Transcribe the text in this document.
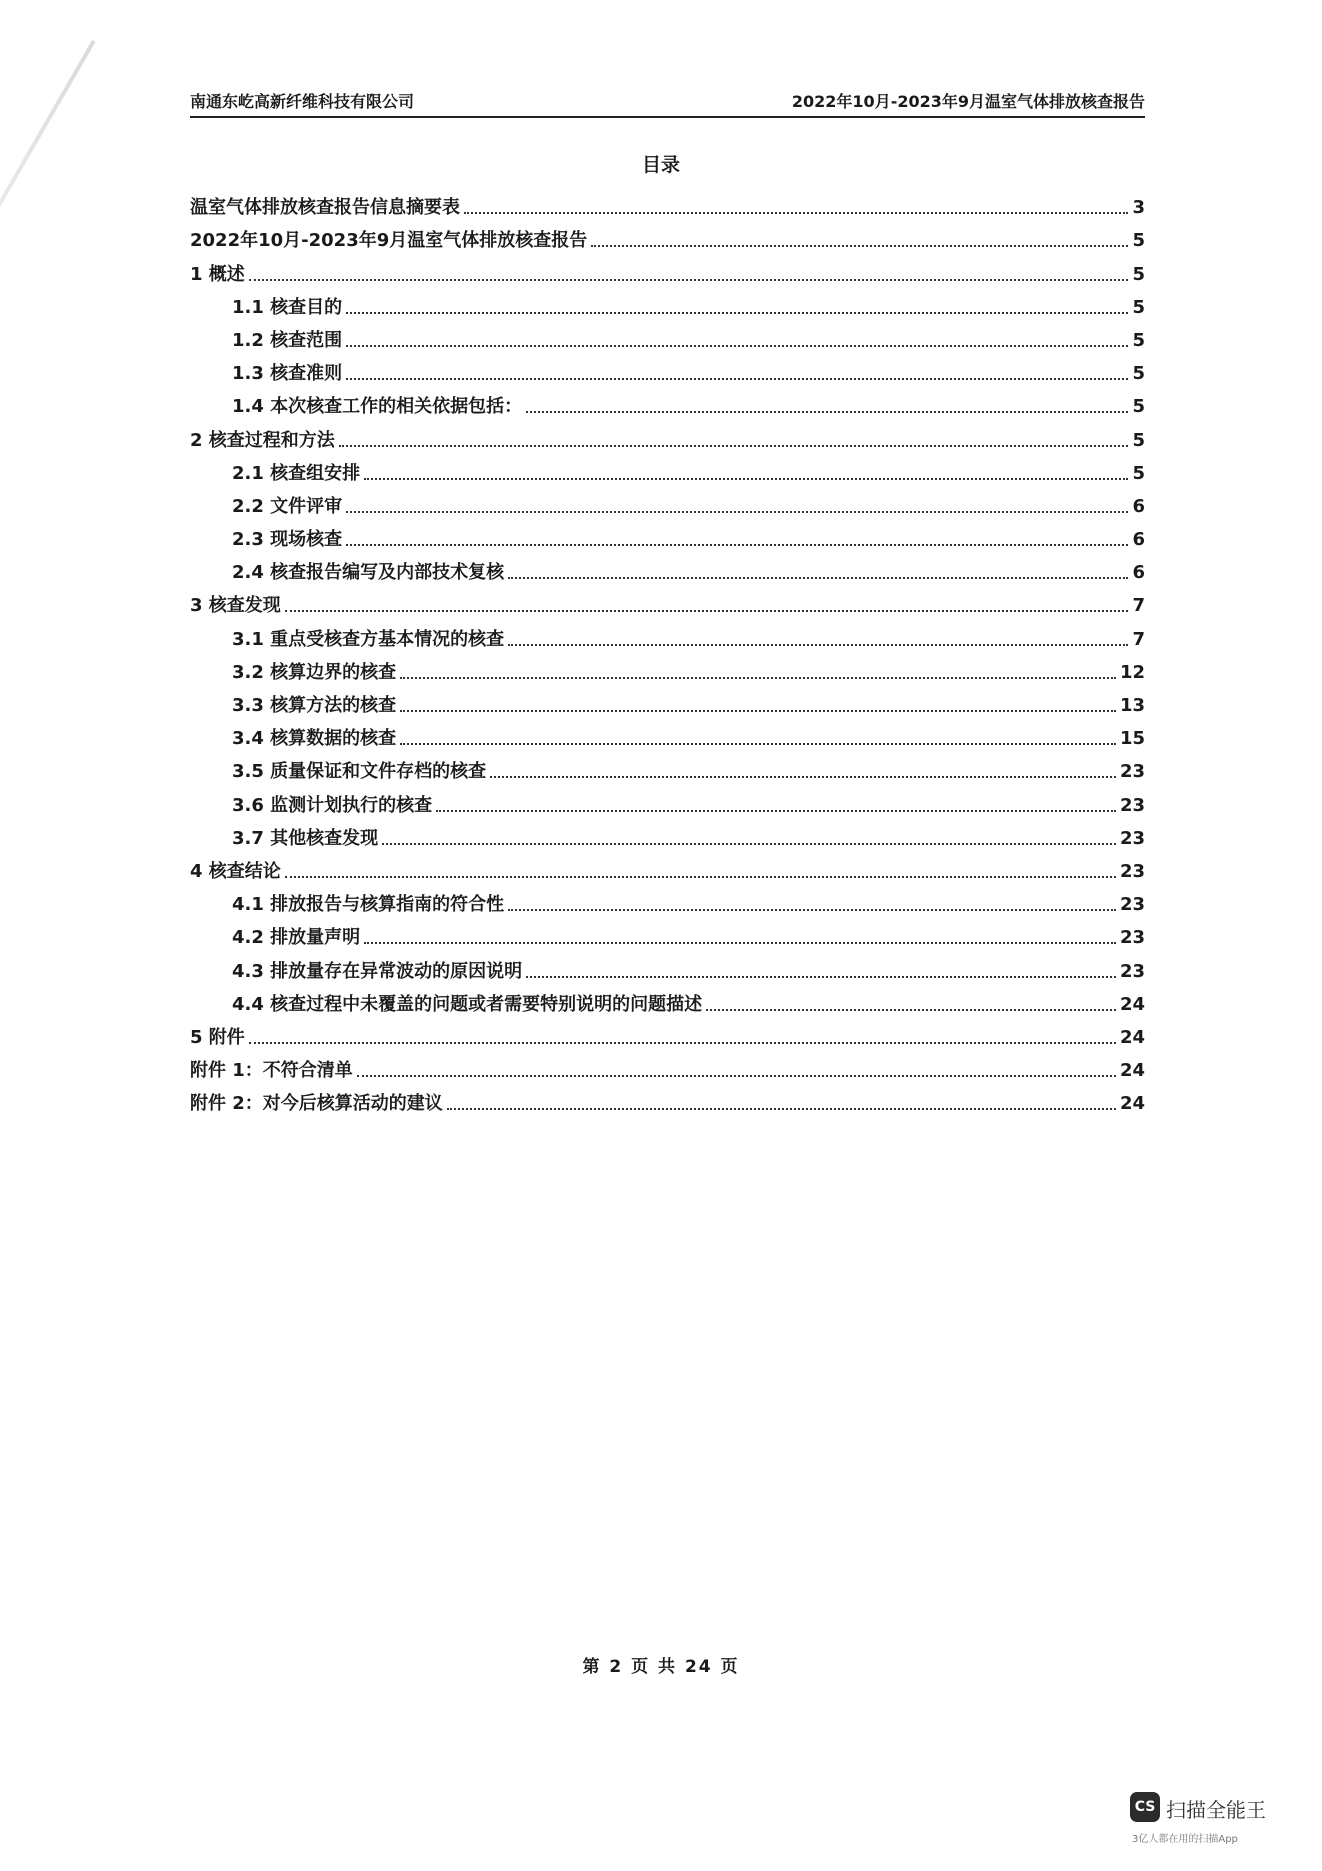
南通东屹高新纤维科技有限公司	2022年10月-2023年9月温室气体排放核查报告
目录
温室气体排放核查报告信息摘要表	3
2022年10月-2023年9月温室气体排放核查报告	5
1 概述	5
1.1 核查目的	5
1.2 核查范围	5
1.3 核查准则	5
1.4 本次核查工作的相关依据包括：	5
2 核查过程和方法	5
2.1 核查组安排	5
2.2 文件评审	6
2.3 现场核查	6
2.4 核查报告编写及内部技术复核	6
3 核查发现	7
3.1 重点受核查方基本情况的核查	7
3.2 核算边界的核查	12
3.3 核算方法的核查	13
3.4 核算数据的核查	15
3.5 质量保证和文件存档的核查	23
3.6 监测计划执行的核查	23
3.7 其他核查发现	23
4 核查结论	23
4.1 排放报告与核算指南的符合性	23
4.2 排放量声明	23
4.3 排放量存在异常波动的原因说明	23
4.4 核查过程中未覆盖的问题或者需要特别说明的问题描述	24
5 附件	24
附件 1：不符合清单	24
附件 2：对今后核算活动的建议	24
第 2 页 共 24 页
CS 扫描全能王
3亿人都在用的扫描App
